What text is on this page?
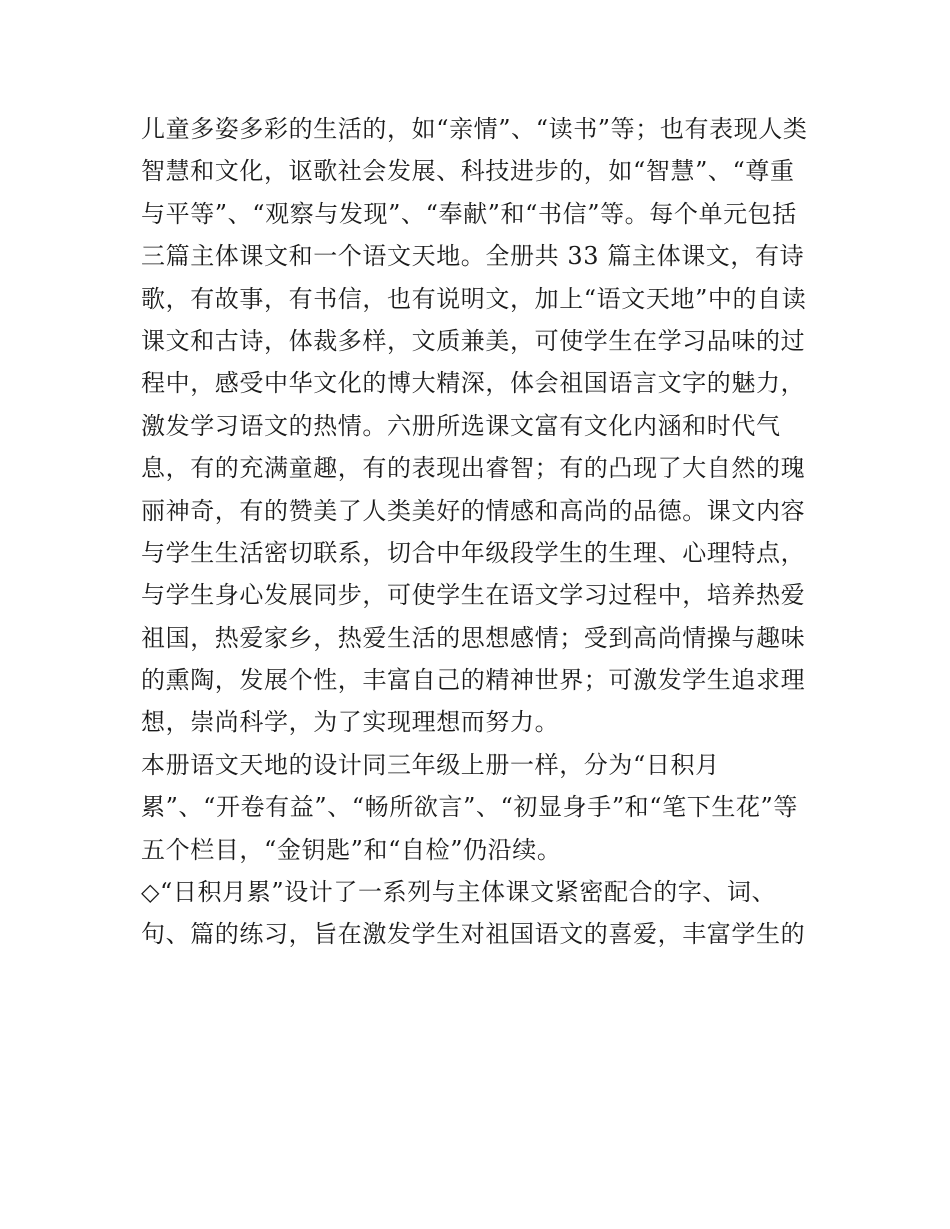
儿童多姿多彩的生活的，如“亲情”、“读书”等；也有表现人类
智慧和文化，讴歌社会发展、科技进步的，如“智慧”、“尊重
与平等”、“观察与发现”、“奉献”和“书信”等。每个单元包括
三篇主体课文和一个语文天地。全册共 33 篇主体课文，有诗
歌，有故事，有书信，也有说明文，加上“语文天地”中的自读
课文和古诗，体裁多样，文质兼美，可使学生在学习品味的过
程中，感受中华文化的博大精深，体会祖国语言文字的魅力，
激发学习语文的热情。六册所选课文富有文化内涵和时代气
息，有的充满童趣，有的表现出睿智；有的凸现了大自然的瑰
丽神奇，有的赞美了人类美好的情感和高尚的品德。课文内容
与学生生活密切联系，切合中年级段学生的生理、心理特点，
与学生身心发展同步，可使学生在语文学习过程中，培养热爱
祖国，热爱家乡，热爱生活的思想感情；受到高尚情操与趣味
的熏陶，发展个性，丰富自己的精神世界；可激发学生追求理
想，崇尚科学，为了实现理想而努力。
本册语文天地的设计同三年级上册一样，分为“日积月
累”、“开卷有益”、“畅所欲言”、“初显身手”和“笔下生花”等
五个栏目，“金钥匙”和“自检”仍沿续。
◇“日积月累”设计了一系列与主体课文紧密配合的字、词、
句、篇的练习，旨在激发学生对祖国语文的喜爱，丰富学生的
